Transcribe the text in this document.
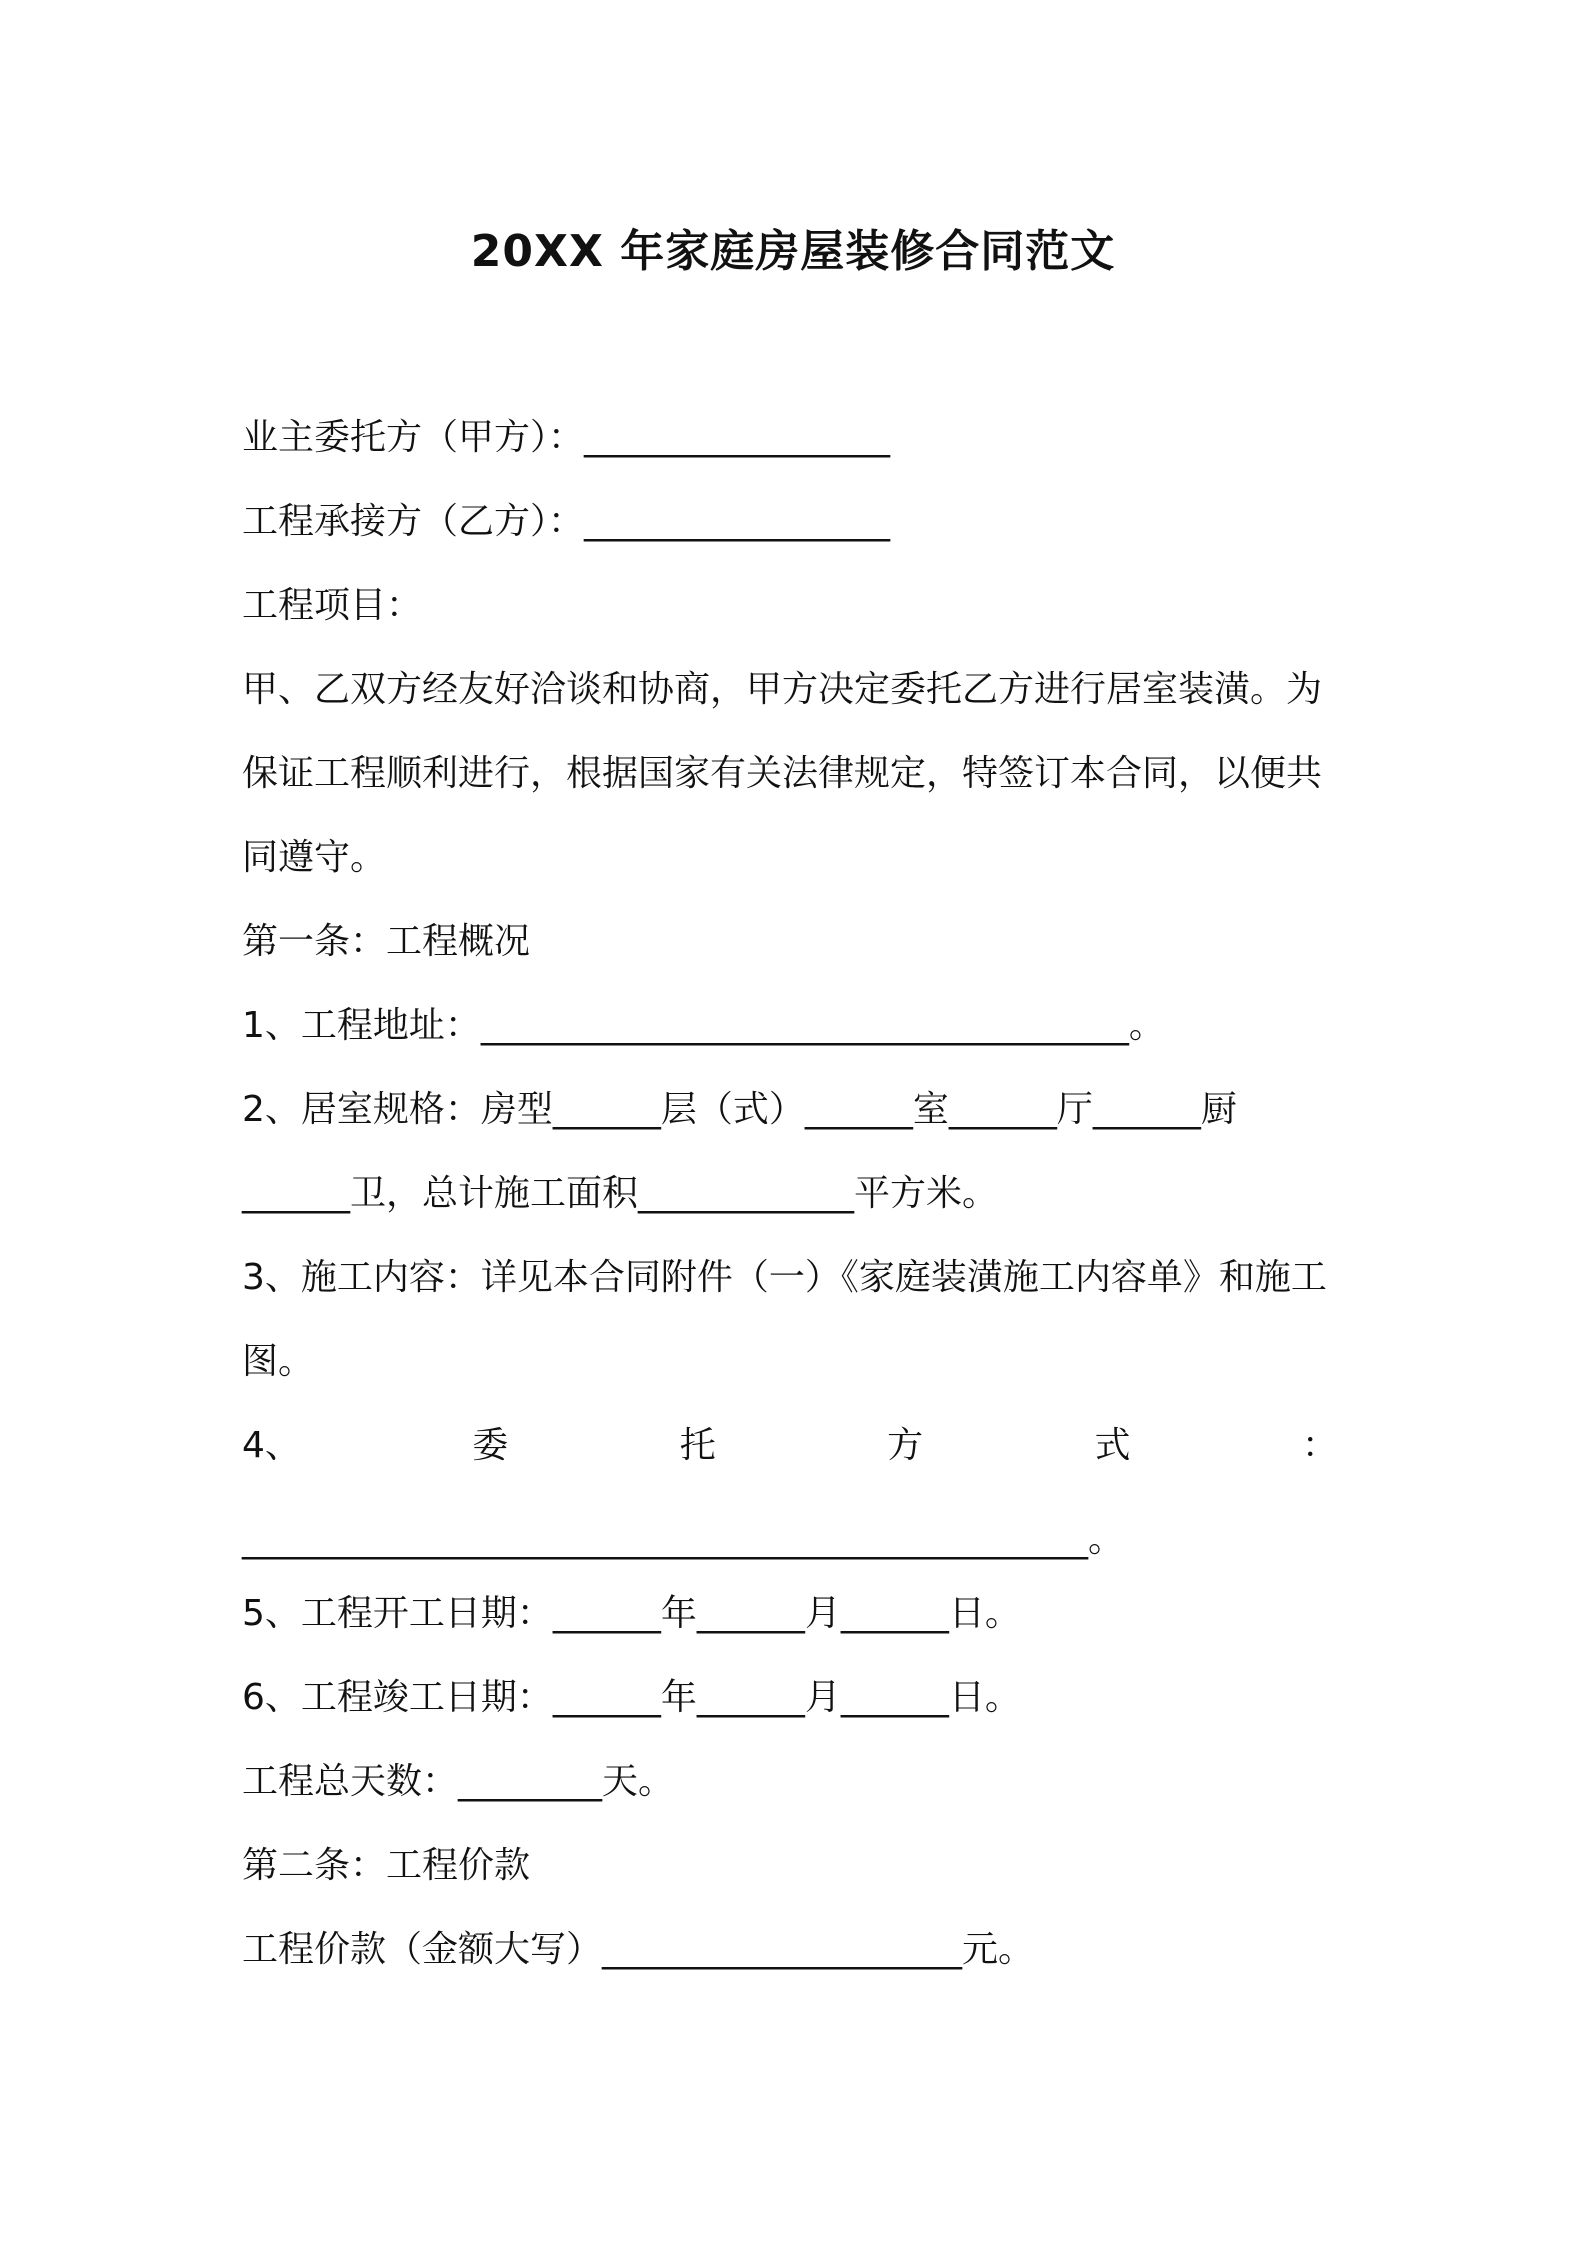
20XX 年家庭房屋装修合同范文
业主委托方（甲方）：_________________
工程承接方（乙方）：_________________
工程项目：
甲、乙双方经友好洽谈和协商，甲方决定委托乙方进行居室装潢。为
保证工程顺利进行，根据国家有关法律规定，特签订本合同，以便共
同遵守。
第一条：工程概况
1、工程地址：____________________________________。
2、居室规格：房型______层（式）______室______厅______厨
______卫，总计施工面积____________平方米。
3、施工内容：详见本合同附件（一）《家庭装潢施工内容单》和施工
图。
4、	委	托	方	式	：
_______________________________________________。
5、工程开工日期：______年______月______日。
6、工程竣工日期：______年______月______日。
工程总天数：________天。
第二条：工程价款
工程价款（金额大写）____________________元。
